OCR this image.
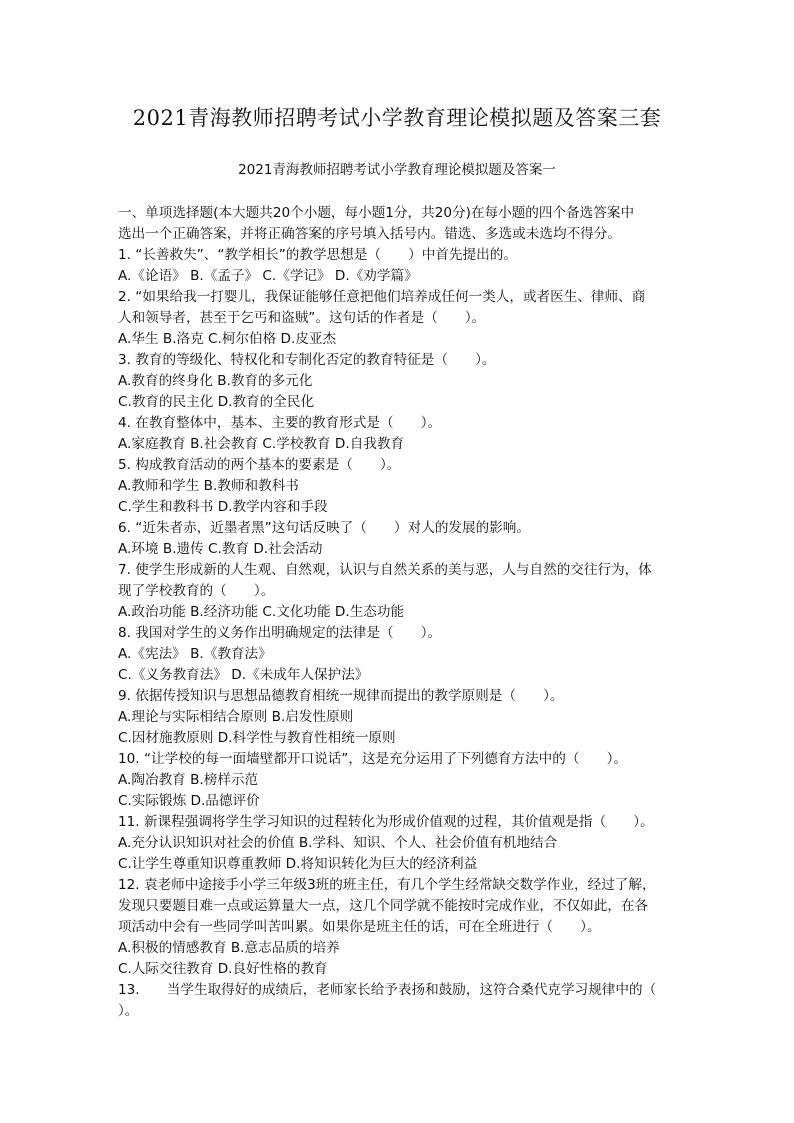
2021青海教师招聘考试小学教育理论模拟题及答案三套
2021青海教师招聘考试小学教育理论模拟题及答案一
一、单项选择题(本大题共20个小题，每小题1分，共20分)在每小题的四个备选答案中
选出一个正确答案，并将正确答案的序号填入括号内。错选、多选或未选均不得分。
1. “长善救失”、“教学相长”的教学思想是（　　）中首先提出的。
A.《论语》 B.《孟子》 C.《学记》 D.《劝学篇》
2. “如果给我一打婴儿，我保证能够任意把他们培养成任何一类人，或者医生、律师、商
人和领导者，甚至于乞丐和盗贼”。这句话的作者是（　　）。
A.华生 B.洛克 C.柯尔伯格 D.皮亚杰
3. 教育的等级化、特权化和专制化否定的教育特征是（　　）。
A.教育的终身化 B.教育的多元化
C.教育的民主化 D.教育的全民化
4. 在教育整体中，基本、主要的教育形式是（　　）。
A.家庭教育 B.社会教育 C.学校教育 D.自我教育
5. 构成教育活动的两个基本的要素是（　　）。
A.教师和学生 B.教师和教科书
C.学生和教科书 D.教学内容和手段
6. “近朱者赤，近墨者黑”这句话反映了（　　）对人的发展的影响。
A.环境 B.遗传 C.教育 D.社会活动
7. 使学生形成新的人生观、自然观，认识与自然关系的美与恶，人与自然的交往行为，体
现了学校教育的（　　）。
A.政治功能 B.经济功能 C.文化功能 D.生态功能
8. 我国对学生的义务作出明确规定的法律是（　　）。
A.《宪法》 B.《教育法》
C.《义务教育法》 D.《未成年人保护法》
9. 依据传授知识与思想品德教育相统一规律而提出的教学原则是（　　）。
A.理论与实际相结合原则 B.启发性原则
C.因材施教原则 D.科学性与教育性相统一原则
10. “让学校的每一面墙壁都开口说话”，这是充分运用了下列德育方法中的（　　）。
A.陶冶教育 B.榜样示范
C.实际锻炼 D.品德评价
11. 新课程强调将学生学习知识的过程转化为形成价值观的过程，其价值观是指（　　）。
A.充分认识知识对社会的价值 B.学科、知识、个人、社会价值有机地结合
C.让学生尊重知识尊重教师 D.将知识转化为巨大的经济利益
12. 袁老师中途接手小学三年级3班的班主任，有几个学生经常缺交数学作业，经过了解，
发现只要题目难一点或运算量大一点，这几个同学就不能按时完成作业，不仅如此，在各
项活动中会有一些同学叫苦叫累。如果你是班主任的话，可在全班进行（　　）。
A.积极的情感教育 B.意志品质的培养
C.人际交往教育 D.良好性格的教育
13.　　当学生取得好的成绩后，老师家长给予表扬和鼓励，这符合桑代克学习规律中的（
）。
